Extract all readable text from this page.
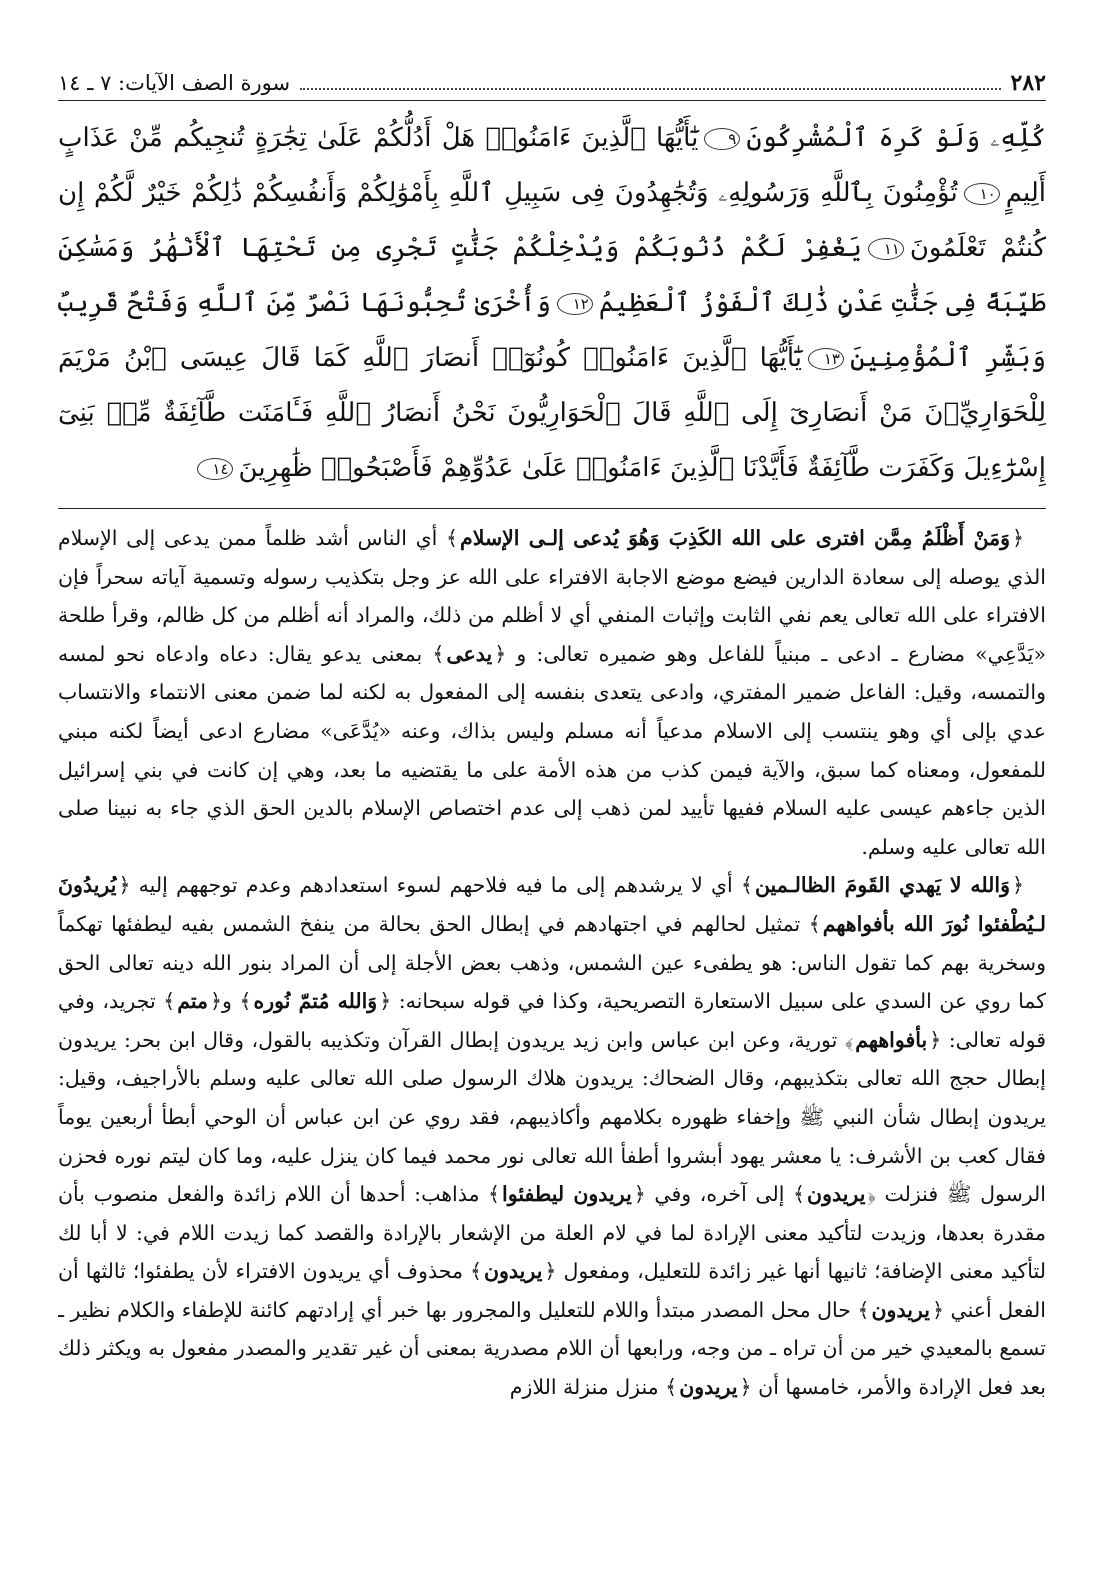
٢٨٢
سورة الصف الآيات: ٧ ـ ١٤
كُلِّهِۦ وَلَوْ كَرِهَ ٱلْمُشْرِكُونَ٩يَٰٓأَيُّهَا ٱلَّذِينَ ءَامَنُوا۟ هَلْ أَدُلُّكُمْ عَلَىٰ تِجَٰرَةٍ تُنجِيكُم مِّنْ عَذَابٍ أَلِيمٍ١٠تُؤْمِنُونَ بِٱللَّهِ وَرَسُولِهِۦ وَتُجَٰهِدُونَ فِى سَبِيلِ ٱللَّهِ بِأَمْوَٰلِكُمْ وَأَنفُسِكُمْ ذَٰلِكُمْ خَيْرٌ لَّكُمْ إِن كُنتُمْ تَعْلَمُونَ١١يَغْفِرْ لَكُمْ ذُنُوبَكُمْ وَيُدْخِلْكُمْ جَنَّٰتٍ تَجْرِى مِن تَحْتِهَا ٱلْأَنْهَٰرُ وَمَسَٰكِنَ طَيِّبَةً فِى جَنَّٰتِ عَدْنٍ ذَٰلِكَ ٱلْفَوْزُ ٱلْعَظِيمُ١٢وَأُخْرَىٰ تُحِبُّونَهَا نَصْرٌ مِّنَ ٱللَّهِ وَفَتْحٌ قَرِيبٌ وَبَشِّرِ ٱلْمُؤْمِنِينَ١٣يَٰٓأَيُّهَا ٱلَّذِينَ ءَامَنُوا۟ كُونُوٓا۟ أَنصَارَ ٱللَّهِ كَمَا قَالَ عِيسَى ٱبْنُ مَرْيَمَ لِلْحَوَارِيِّۦنَ مَنْ أَنصَارِىٓ إِلَى ٱللَّهِ قَالَ ٱلْحَوَارِيُّونَ نَحْنُ أَنصَارُ ٱللَّهِ فَـَٔامَنَت طَّآئِفَةٌ مِّنۢ بَنِىٓ إِسْرَٰٓءِيلَ وَكَفَرَت طَّآئِفَةٌ فَأَيَّدْنَا ٱلَّذِينَ ءَامَنُوا۟ عَلَىٰ عَدُوِّهِمْ فَأَصْبَحُوا۟ ظَٰهِرِينَ١٤

﴿ وَمَنْ أَظْلَمُ مِمَّن افترى على الله الكَذِبَ وَهُوَ يُدعى إلـى الإسلام ﴾ أي الناس أشد ظلماً ممن يدعى إلى الإسلام الذي يوصله إلى سعادة الدارين فيضع موضع الاجابة الافتراء على الله عز وجل بتكذيب رسوله وتسمية آياته سحراً فإن الافتراء على الله تعالى يعم نفي الثابت وإثبات المنفي أي لا أظلم من ذلك، والمراد أنه أظلم من كل ظالم، وقرأ طلحة «يَدَّعِي» مضارع ـ ادعى ـ مبنياً للفاعل وهو ضميره تعالى: و ﴿ يدعى ﴾ بمعنى يدعو يقال: دعاه وادعاه نحو لمسه والتمسه، وقيل: الفاعل ضمير المفتري، وادعى يتعدى بنفسه إلى المفعول به لكنه لما ضمن معنى الانتماء والانتساب عدي بإلى أي وهو ينتسب إلى الاسلام مدعياً أنه مسلم وليس بذاك، وعنه «يُدَّعَى» مضارع ادعى أيضاً لكنه مبني للمفعول، ومعناه كما سبق، والآية فيمن كذب من هذه الأمة على ما يقتضيه ما بعد، وهي إن كانت في بني إسرائيل الذين جاءهم عيسى عليه السلام ففيها تأييد لمن ذهب إلى عدم اختصاص الإسلام بالدين الحق الذي جاء به نبينا صلى الله تعالى عليه وسلم.

﴿ وَالله لا يَهدي القَومَ الظالـمين ﴾ أي لا يرشدهم إلى ما فيه فلاحهم لسوء استعدادهم وعدم توجههم إليه ﴿ يُريدُونَ لـيُطْفئوا نُورَ الله بأفواههم ﴾ تمثيل لحالهم في اجتهادهم في إبطال الحق بحالة من ينفخ الشمس بفيه ليطفئها تهكماً وسخرية بهم كما تقول الناس: هو يطفىء عين الشمس، وذهب بعض الأجلة إلى أن المراد بنور الله دينه تعالى الحق كما روي عن السدي على سبيل الاستعارة التصريحية، وكذا في قوله سبحانه: ﴿ وَالله مُتمّ نُوره ﴾ و﴿ متم ﴾ تجريد، وفي قوله تعالى: ﴿ بأفواههم ﴾ تورية، وعن ابن عباس وابن زيد يريدون إبطال القرآن وتكذيبه بالقول، وقال ابن بحر: يريدون إبطال حجج الله تعالى بتكذيبهم، وقال الضحاك: يريدون هلاك الرسول صلى الله تعالى عليه وسلم بالأراجيف، وقيل: يريدون إبطال شأن النبي ﷺ وإخفاء ظهوره بكلامهم وأكاذيبهم، فقد روي عن ابن عباس أن الوحي أبطأ أربعين يوماً فقال كعب بن الأشرف: يا معشر يهود أبشروا أطفأ الله تعالى نور محمد فيما كان ينزل عليه، وما كان ليتم نوره فحزن الرسول ﷺ فنزلت ﴿ يريدون ﴾ إلى آخره، وفي ﴿ يريدون ليطفئوا ﴾ مذاهب: أحدها أن اللام زائدة والفعل منصوب بأن مقدرة بعدها، وزيدت لتأكيد معنى الإرادة لما في لام العلة من الإشعار بالإرادة والقصد كما زيدت اللام في: لا أبا لك لتأكيد معنى الإضافة؛ ثانيها أنها غير زائدة للتعليل، ومفعول ﴿ يريدون ﴾ محذوف أي يريدون الافتراء لأن يطفئوا؛ ثالثها أن الفعل أعني ﴿ يريدون ﴾ حال محل المصدر مبتدأ واللام للتعليل والمجرور بها خبر أي إرادتهم كائنة للإطفاء والكلام نظير ـ تسمع بالمعيدي خير من أن تراه ـ من وجه، ورابعها أن اللام مصدرية بمعنى أن غير تقدير والمصدر مفعول به ويكثر ذلك بعد فعل الإرادة والأمر، خامسها أن ﴿ يريدون ﴾ منزل منزلة اللازم
